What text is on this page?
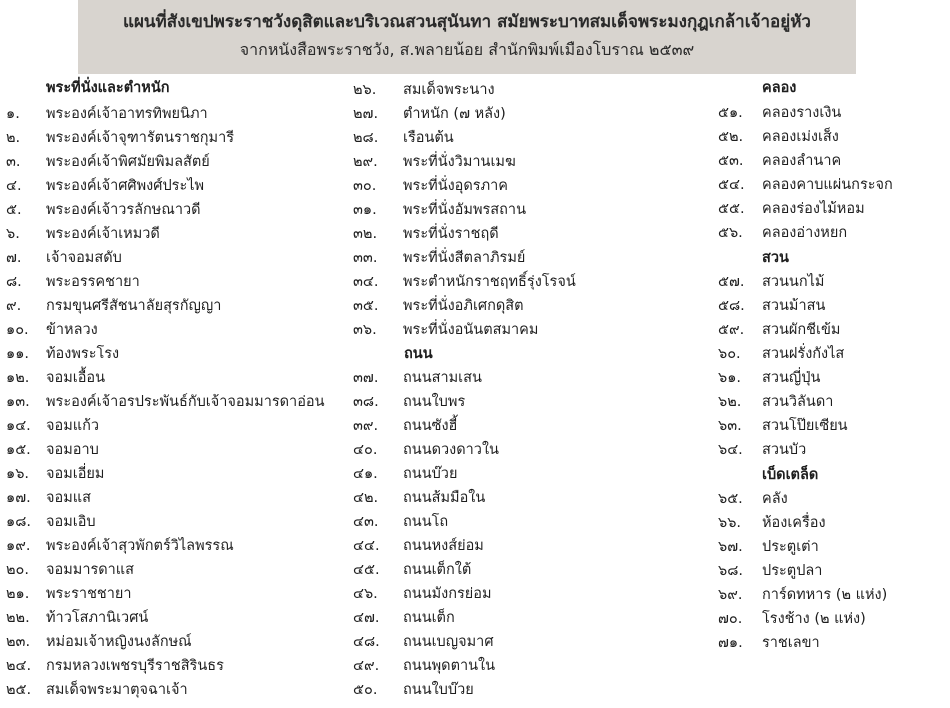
แผนที่สังเขปพระราชวังดุสิตและบริเวณสวนสุนันทา สมัยพระบาทสมเด็จพระมงกุฎเกล้าเจ้าอยู่หัว
จากหนังสือพระราชวัง, ส.พลายน้อย สำนักพิมพ์เมืองโบราณ ๒๕๓๙
พระที่นั่งและตำหนัก
๑. พระองค์เจ้าอาทรทิพยนิภา
๒. พระองค์เจ้าจุฑารัตนราชกุมารี
๓. พระองค์เจ้าพิศมัยพิมลสัตย์
๔. พระองค์เจ้าศศิพงศ์ประไพ
๕. พระองค์เจ้าวรลักษณาวดี
๖. พระองค์เจ้าเหมวดี
๗. เจ้าจอมสดับ
๘. พระอรรคชายา
๙. กรมขุนศรีสัชนาลัยสุรกัญญา
๑๐. ข้าหลวง
๑๑. ท้องพระโรง
๑๒. จอมเอื้อน
๑๓. พระองค์เจ้าอรประพันธ์กับเจ้าจอมมารดาอ่อน
๑๔. จอมแก้ว
๑๕. จอมอาบ
๑๖. จอมเอี่ยม
๑๗. จอมแส
๑๘. จอมเอิบ
๑๙. พระองค์เจ้าสุวพักตร์วิไลพรรณ
๒๐. จอมมารดาแส
๒๑. พระราชชายา
๒๒. ท้าวโสภานิเวศน์
๒๓. หม่อมเจ้าหญิงนงลักษณ์
๒๔. กรมหลวงเพชรบุรีราชสิรินธร
๒๕. สมเด็จพระมาตุจฉาเจ้า
๒๖. สมเด็จพระนาง
๒๗. ตำหนัก (๗ หลัง)
๒๘. เรือนต้น
๒๙. พระที่นั่งวิมานเมฆ
๓๐. พระที่นั่งอุดรภาค
๓๑. พระที่นั่งอัมพรสถาน
๓๒. พระที่นั่งราชฤดี
๓๓. พระที่นั่งสีตลาภิรมย์
๓๔. พระตำหนักราชฤทธิ์รุ่งโรจน์
๓๕. พระที่นั่งอภิเศกดุสิต
๓๖. พระที่นั่งอนันตสมาคม
ถนน
๓๗. ถนนสามเสน
๓๘. ถนนใบพร
๓๙. ถนนซังฮี้
๔๐. ถนนดวงดาวใน
๔๑. ถนนบ๊วย
๔๒. ถนนส้มมือใน
๔๓. ถนนโถ
๔๔. ถนนหงส์ย่อม
๔๕. ถนนเต็กใต้
๔๖. ถนนมังกรย่อม
๔๗. ถนนเต็ก
๔๘. ถนนเบญจมาศ
๔๙. ถนนพุดตานใน
๕๐. ถนนใบบ๊วย
คลอง
๕๑. คลองรางเงิน
๕๒. คลองเม่งเส็ง
๕๓. คลองลำนาค
๕๔. คลองคาบแผ่นกระจก
๕๕. คลองร่องไม้หอม
๕๖. คลองอ่างหยก
สวน
๕๗. สวนนกไม้
๕๘. สวนม้าสน
๕๙. สวนผักชีเข้ม
๖๐. สวนฝรั่งกังไส
๖๑. สวนญี่ปุ่น
๖๒. สวนวิลันดา
๖๓. สวนโป๊ยเซียน
๖๔. สวนบัว
เบ็ดเตล็ด
๖๕. คลัง
๖๖. ห้องเครื่อง
๖๗. ประตูเต่า
๖๘. ประตูปลา
๖๙. การ์ดทหาร (๒ แห่ง)
๗๐. โรงช้าง (๒ แห่ง)
๗๑. ราชเลขา
